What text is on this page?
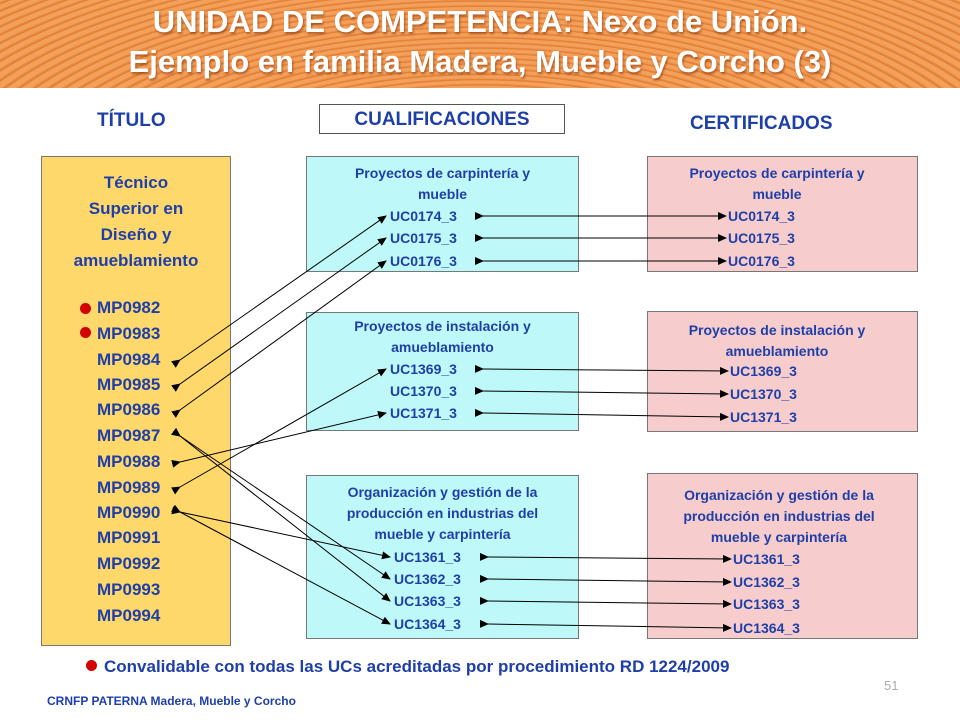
UNIDAD DE COMPETENCIA: Nexo de Unión.
Ejemplo en familia Madera, Mueble y Corcho (3)
TÍTULO	CUALIFICACIONES	CERTIFICADOS
Técnico
Superior en
Diseño y
amueblamiento
MP0982
MP0983
MP0984
MP0985
MP0986
MP0987
MP0988
MP0989
MP0990
MP0991
MP0992
MP0993
MP0994
Proyectos de carpintería y
mueble
UC0174_3
UC0175_3
UC0176_3
Proyectos de instalación y
amueblamiento
UC1369_3
UC1370_3
UC1371_3
Organización y gestión de la
producción en industrias del
mueble y carpintería
UC1361_3
UC1362_3
UC1363_3
UC1364_3
Proyectos de carpintería y
mueble
UC0174_3
UC0175_3
UC0176_3
Proyectos de instalación y
amueblamiento
UC1369_3
UC1370_3
UC1371_3
Organización y gestión de la
producción en industrias del
mueble y carpintería
UC1361_3
UC1362_3
UC1363_3
UC1364_3
Convalidable con todas las UCs acreditadas por procedimiento RD 1224/2009
CRNFP PATERNA Madera, Mueble y Corcho
51
